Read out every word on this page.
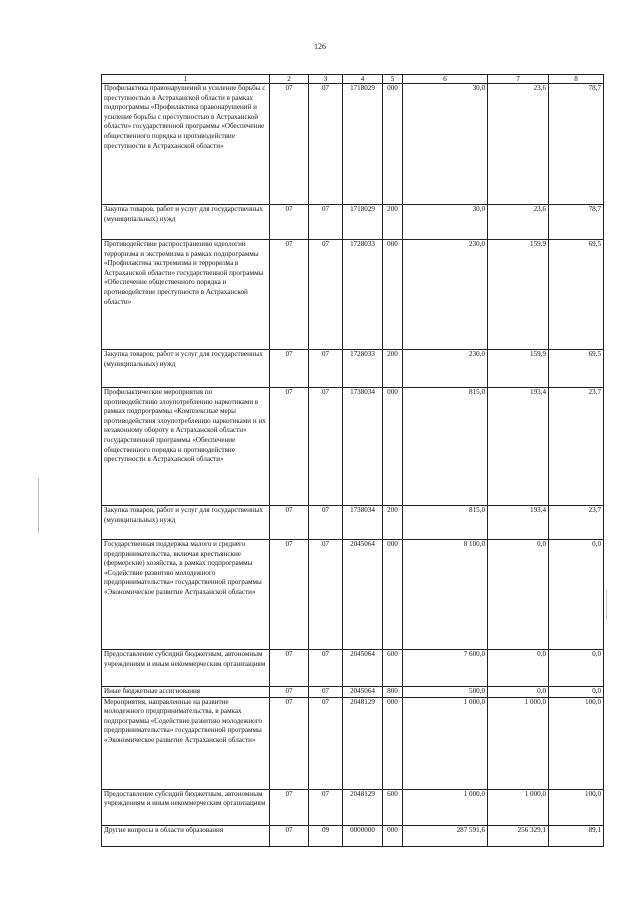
126
1	2	3	4	5	6	7	8
Профилактика правонарушений и усиление борьбы с преступностью в Астраханской области в рамках подпрограммы «Профилактика правонарушений и усиление борьбы с преступностью в Астраханской области» государственной программы «Обеспечение общественного порядка и противодействие преступности в Астраханской области»	07	07	1718029	000	30,0	23,6	78,7
Закупка товаров, работ и услуг для государственных (муниципальных) нужд	07	07	1718029	200	30,0	23,6	78,7
Противодействие распространению идеологии терроризма и экстремизма в рамках подпрограммы «Профилактика экстремизма и терроризма в Астраханской области» государственной программы «Обеспечение общественного порядка и противодействие преступности в Астраханской области»	07	07	1728033	000	230,0	159,9	69,5
Закупка товаров, работ и услуг для государственных (муниципальных) нужд	07	07	1728033	200	230,0	159,9	69,5
Профилактические мероприятия по противодействию злоупотреблению наркотиками в рамках подпрограммы «Комплексные меры противодействия злоупотреблению наркотиками и их незаконному обороту в Астраханской области» государственной программы «Обеспечение общественного порядка и противодействие преступности в Астраханской области»	07	07	1738034	000	815,0	193,4	23,7
Закупка товаров, работ и услуг для государственных (муниципальных) нужд	07	07	1738034	200	815,0	193,4	23,7
Государственная поддержка малого и среднего предпринимательства, включая крестьянские (фермерские) хозяйства, в рамках подпрограммы «Содействие развитию молодежного предпринимательства» государственной программы «Экономическое развитие Астраханской области»	07	07	2045064	000	8 100,0	0,0	0,0
Предоставление субсидий бюджетным, автономным учреждениям и иным некоммерческим организациям	07	07	2045064	600	7 600,0	0,0	0,0
Иные бюджетные ассигнования	07	07	2045064	800	500,0	0,0	0,0
Мероприятия, направленные на развитие молодежного предпринимательства, в рамках подпрограммы «Содействие развитию молодежного предпринимательства» государственной программы «Экономическое развитие Астраханской области»	07	07	2048129	000	1 000,0	1 000,0	100,0
Предоставление субсидий бюджетным, автономным учреждениям и иным некоммерческим организациям	07	07	2048129	600	1 000,0	1 000,0	100,0
Другие вопросы в области образования	07	09	0000000	000	287 591,6	256 329,1	89,1
